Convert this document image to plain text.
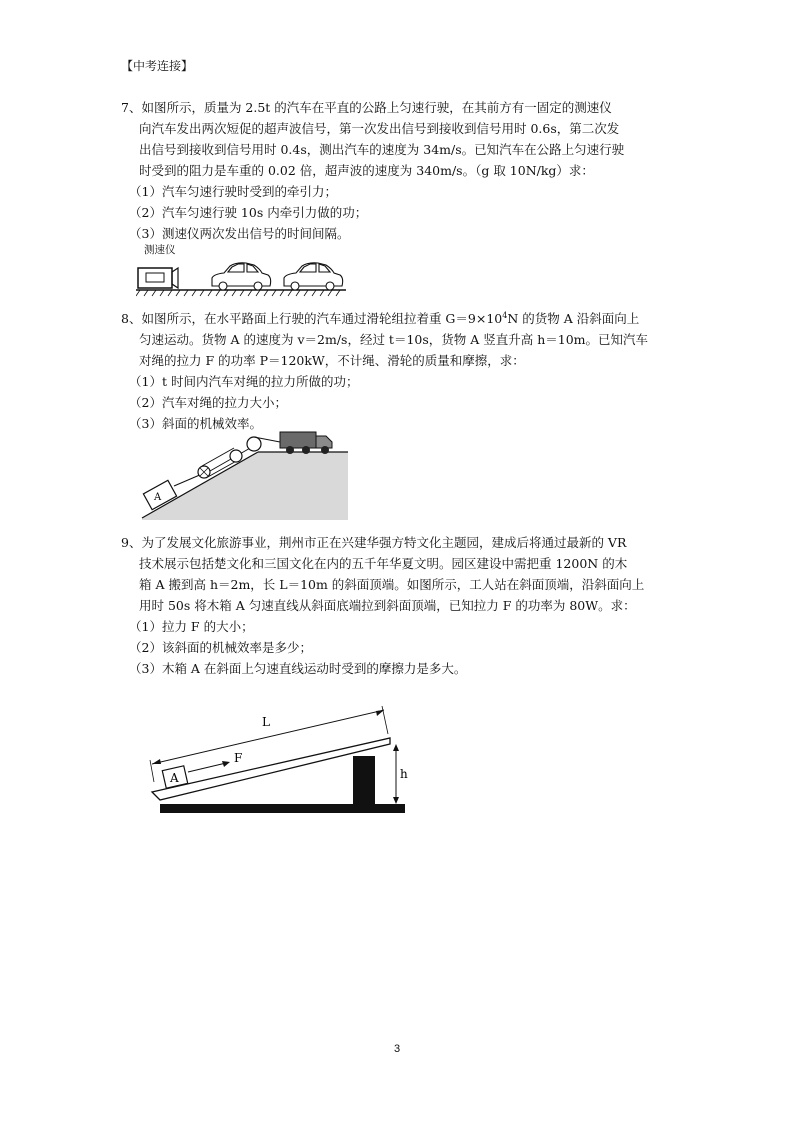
【中考连接】
7、如图所示，质量为 2.5t 的汽车在平直的公路上匀速行驶，在其前方有一固定的测速仪
向汽车发出两次短促的超声波信号，第一次发出信号到接收到信号用时 0.6s，第二次发
出信号到接收到信号用时 0.4s，测出汽车的速度为 34m/s。已知汽车在公路上匀速行驶
时受到的阻力是车重的 0.02 倍，超声波的速度为 340m/s。（g 取 10N/kg）求：
（1）汽车匀速行驶时受到的牵引力；
（2）汽车匀速行驶 10s 内牵引力做的功；
（3）测速仪两次发出信号的时间间隔。
测速仪
8、如图所示，在水平路面上行驶的汽车通过滑轮组拉着重 $G=9\times 10^4N$ 的货物 A 沿斜面向上
匀速运动。货物 A 的速度为 v＝2m/s，经过 t＝10s，货物 A 竖直升高 h＝10m。已知汽车
对绳的拉力 F 的功率 P＝120kW，不计绳、滑轮的质量和摩擦，求：
（1）t 时间内汽车对绳的拉力所做的功；
（2）汽车对绳的拉力大小；
（3）斜面的机械效率。
A
9、为了发展文化旅游事业，荆州市正在兴建华强方特文化主题园，建成后将通过最新的 VR
技术展示包括楚文化和三国文化在内的五千年华夏文明。园区建设中需把重 1200N 的木
箱 A 搬到高 h＝2m，长 L＝10m 的斜面顶端。如图所示，工人站在斜面顶端，沿斜面向上
用时 50s 将木箱 A 匀速直线从斜面底端拉到斜面顶端，已知拉力 F 的功率为 80W。求：
（1）拉力 F 的大小；
（2）该斜面的机械效率是多少；
（3）木箱 A 在斜面上匀速直线运动时受到的摩擦力是多大。
A
F
L
h
3
